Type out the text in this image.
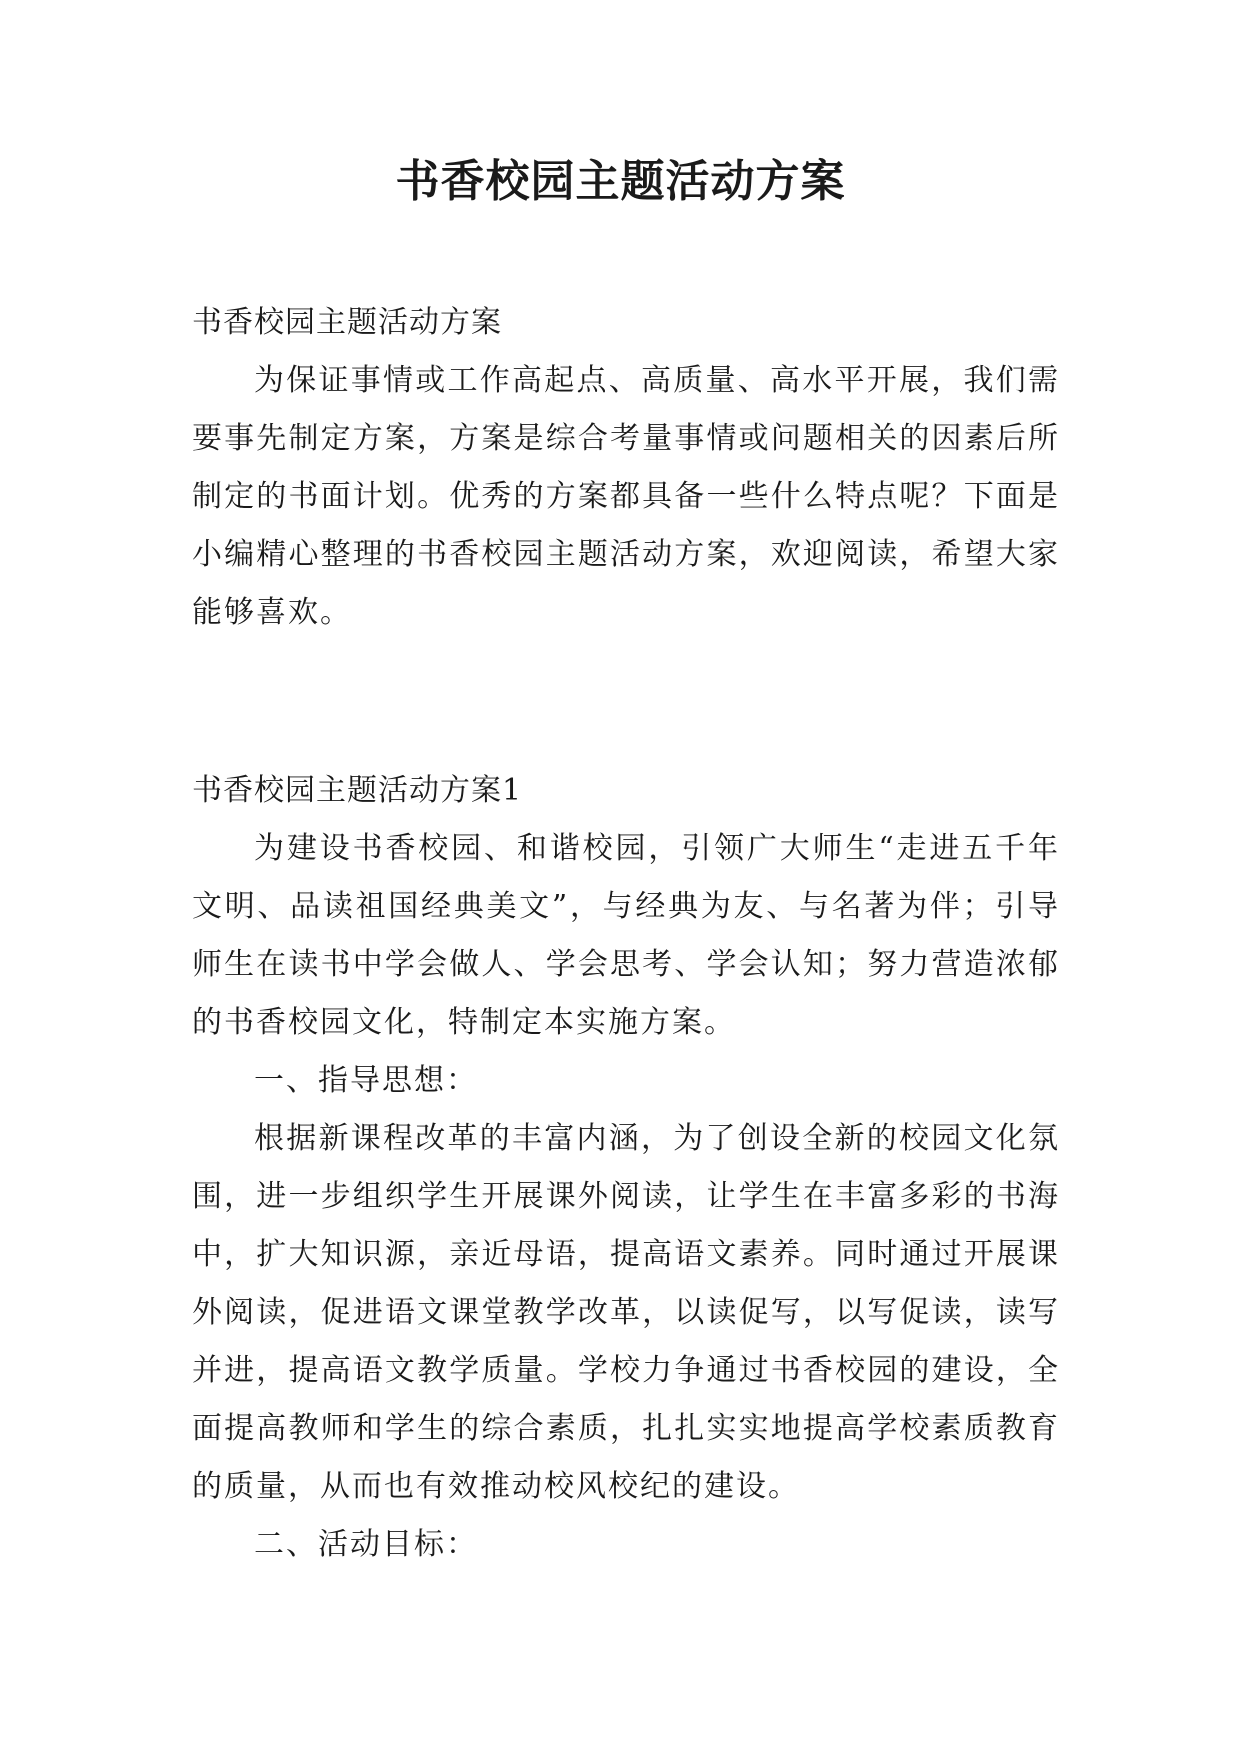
书香校园主题活动方案

书香校园主题活动方案

为保证事情或工作高起点、高质量、高水平开展，我们需要事先制定方案，方案是综合考量事情或问题相关的因素后所制定的书面计划。优秀的方案都具备一些什么特点呢？下面是小编精心整理的书香校园主题活动方案，欢迎阅读，希望大家能够喜欢。

书香校园主题活动方案1

为建设书香校园、和谐校园，引领广大师生“走进五千年文明、品读祖国经典美文”，与经典为友、与名著为伴；引导师生在读书中学会做人、学会思考、学会认知；努力营造浓郁的书香校园文化，特制定本实施方案。

一、指导思想：

根据新课程改革的丰富内涵，为了创设全新的校园文化氛围，进一步组织学生开展课外阅读，让学生在丰富多彩的书海中，扩大知识源，亲近母语，提高语文素养。同时通过开展课外阅读，促进语文课堂教学改革，以读促写，以写促读，读写并进，提高语文教学质量。学校力争通过书香校园的建设，全面提高教师和学生的综合素质，扎扎实实地提高学校素质教育的质量，从而也有效推动校风校纪的建设。

二、活动目标：
